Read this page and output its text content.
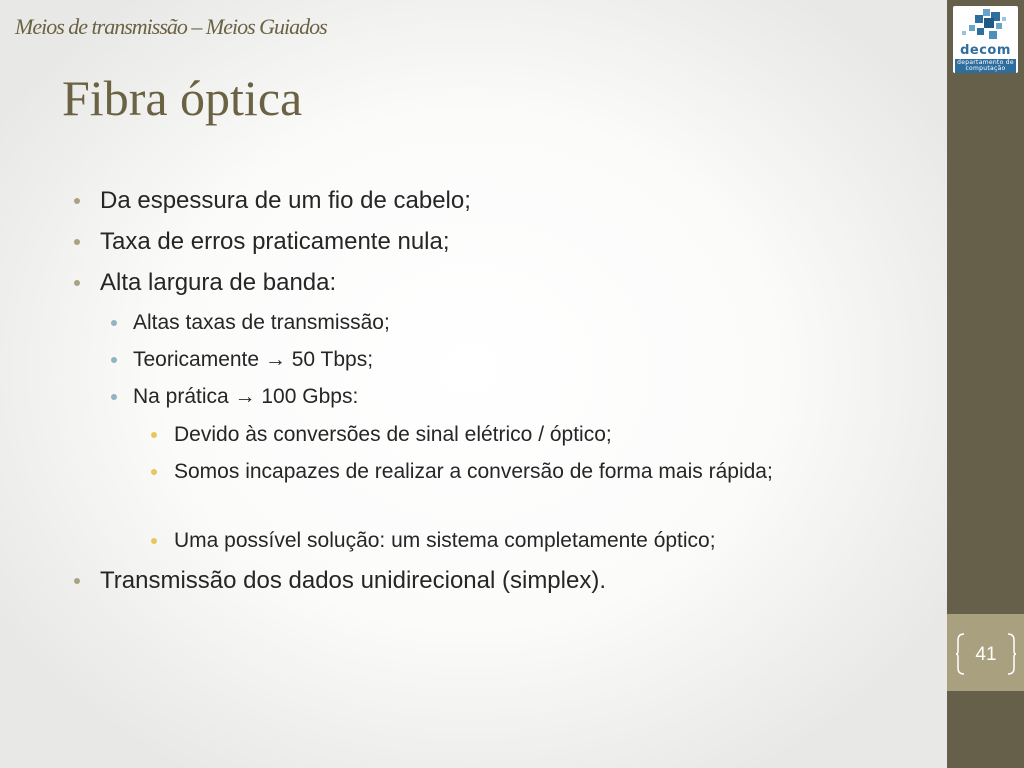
decom
departamento de computação
41
Meios de transmissão – Meios Guiados
Fibra óptica
Da espessura de um fio de cabelo;
Taxa de erros praticamente nula;
Alta largura de banda:
Altas taxas de transmissão;
Teoricamente → 50 Tbps;
Na prática → 100 Gbps:
Devido às conversões de sinal elétrico / óptico;
Somos incapazes de realizar a conversão de forma mais rápida;
Uma possível solução: um sistema completamente óptico;
Transmissão dos dados unidirecional (simplex).
